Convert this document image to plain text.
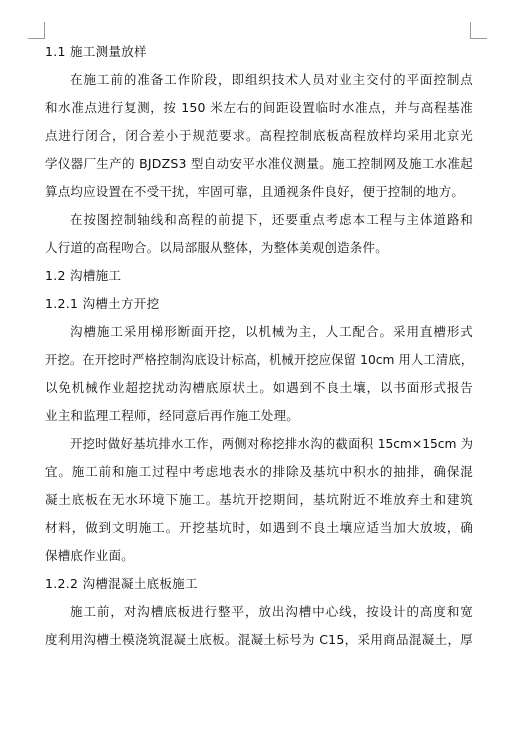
1.1 施工测量放样
在施工前的准备工作阶段，即组织技术人员对业主交付的平面控制点
和水准点进行复测，按 150 米左右的间距设置临时水准点，并与高程基准
点进行闭合，闭合差小于规范要求。高程控制底板高程放样均采用北京光
学仪器厂生产的 BJDZS3 型自动安平水准仪测量。施工控制网及施工水准起
算点均应设置在不受干扰，牢固可靠，且通视条件良好，便于控制的地方。
在按图控制轴线和高程的前提下，还要重点考虑本工程与主体道路和
人行道的高程吻合。以局部服从整体，为整体美观创造条件。
1.2 沟槽施工
1.2.1 沟槽土方开挖
沟槽施工采用梯形断面开挖，以机械为主，人工配合。采用直槽形式
开挖。在开挖时严格控制沟底设计标高，机械开挖应保留 10cm 用人工清底，
以免机械作业超挖扰动沟槽底原状土。如遇到不良土壤，以书面形式报告
业主和监理工程师，经同意后再作施工处理。
开挖时做好基坑排水工作，两侧对称挖排水沟的截面积 15cm×15cm 为
宜。施工前和施工过程中考虑地表水的排除及基坑中积水的抽排，确保混
凝土底板在无水环境下施工。基坑开挖期间，基坑附近不堆放弃土和建筑
材料，做到文明施工。开挖基坑时，如遇到不良土壤应适当加大放坡，确
保槽底作业面。
1.2.2 沟槽混凝土底板施工
施工前，对沟槽底板进行整平，放出沟槽中心线，按设计的高度和宽
度利用沟槽土模浇筑混凝土底板。混凝土标号为 C15，采用商品混凝土，厚
